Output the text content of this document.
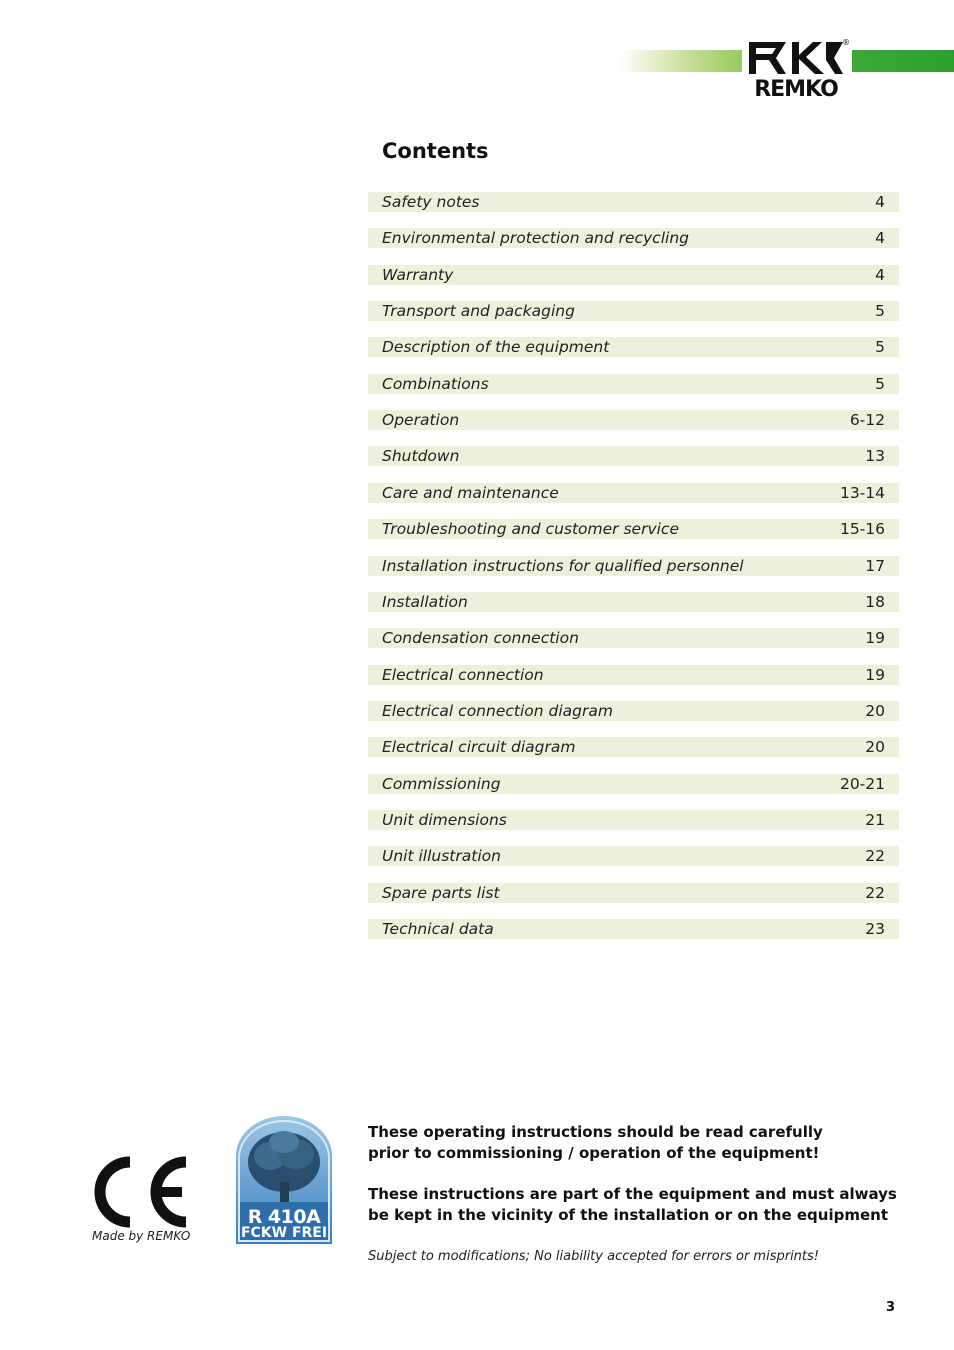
®
REMKO
Contents
Safety notes	4
Environmental protection and recycling	4
Warranty	4
Transport and packaging	5
Description of the equipment	5
Combinations	5
Operation	6-12
Shutdown	13
Care and maintenance	13-14
Troubleshooting and customer service	15-16
Installation instructions for qualified personnel	17
Installation	18
Condensation connection	19
Electrical connection	19
Electrical connection diagram	20
Electrical circuit diagram	20
Commissioning	20-21
Unit dimensions	21
Unit illustration	22
Spare parts list	22
Technical data	23
Made by REMKO
R 410A
FCKW FREI

These operating instructions should be read carefully
prior to commissioning / operation of the equipment!

These instructions are part of the equipment and must always
be kept in the vicinity of the installation or on the equipment

Subject to modifications; No liability accepted for errors or misprints!
3
